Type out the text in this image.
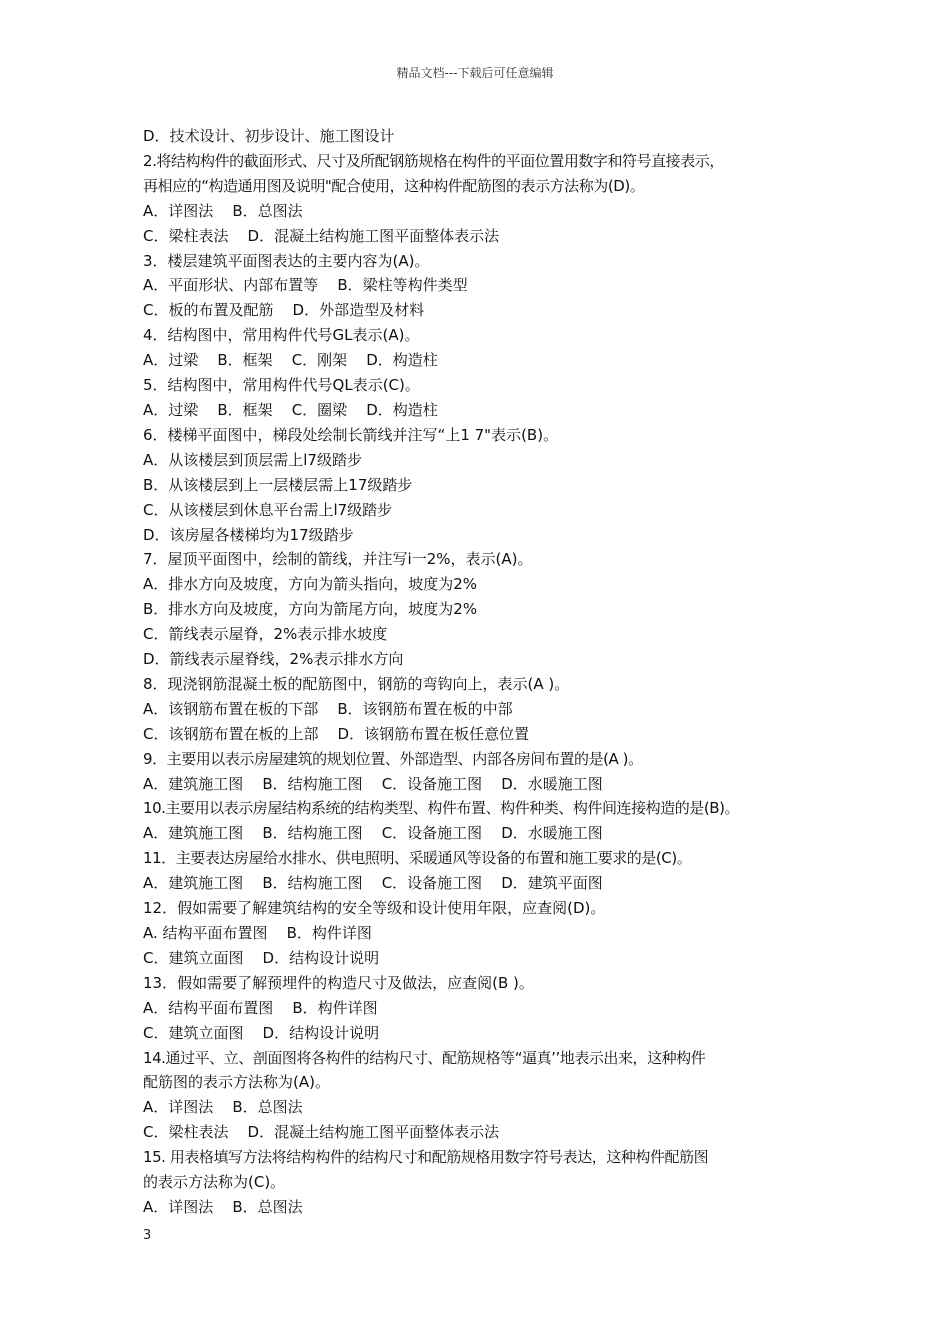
精品文档---下载后可任意编辑
D．技术设计、初步设计、施工图设计
2.将结构构件的截面形式、尺寸及所配钢筋规格在构件的平面位置用数字和符号直接表示，
再相应的“构造通用图及说明"配合使用，这种构件配筋图的表示方法称为(D)。
A．详图法    B．总图法
C．梁柱表法    D．混凝土结构施工图平面整体表示法
3．楼层建筑平面图表达的主要内容为(A)。
A．平面形状、内部布置等    B．梁柱等构件类型
C．板的布置及配筋    D．外部造型及材料
4．结构图中，常用构件代号GL表示(A)。
A．过梁    B．框架    C．刚架    D．构造柱
5．结构图中，常用构件代号QL表示(C)。
A．过梁    B．框架    C．圈梁    D．构造柱
6．楼梯平面图中，梯段处绘制长箭线并注写“上1 7"表示(B)。
A．从该楼层到顶层需上l7级踏步
B．从该楼层到上一层楼层需上17级踏步
C．从该楼层到休息平台需上l7级踏步
D．该房屋各楼梯均为17级踏步
7．屋顶平面图中，绘制的箭线，并注写i一2%，表示(A)。
A．排水方向及坡度，方向为箭头指向，坡度为2%
B．排水方向及坡度，方向为箭尾方向，坡度为2%
C．箭线表示屋脊，2%表示排水坡度
D．箭线表示屋脊线，2%表示排水方向
8．现浇钢筋混凝土板的配筋图中，钢筋的弯钩向上，表示(A )。
A．该钢筋布置在板的下部    B．该钢筋布置在板的中部
C．该钢筋布置在板的上部    D．该钢筋布置在板任意位置
9．主要用以表示房屋建筑的规划位置、外部造型、内部各房间布置的是(A )。
A．建筑施工图    B．结构施工图    C．设备施工图    D．水暖施工图
10.主要用以表示房屋结构系统的结构类型、构件布置、构件种类、构件间连接构造的是(B)。
A．建筑施工图    B．结构施工图    C．设备施工图    D．水暖施工图
11．主要表达房屋给水排水、供电照明、采暖通风等设备的布置和施工要求的是(C)。
A．建筑施工图    B．结构施工图    C．设备施工图    D．建筑平面图
12．假如需要了解建筑结构的安全等级和设计使用年限，应查阅(D)。
A. 结构平面布置图    B．构件详图
C．建筑立面图    D．结构设计说明
13．假如需要了解预埋件的构造尺寸及做法，应查阅(B )。
A．结构平面布置图    B．构件详图
C．建筑立面图    D．结构设计说明
14.通过平、立、剖面图将各构件的结构尺寸、配筋规格等“逼真’’地表示出来，这种构件
配筋图的表示方法称为(A)。
A．详图法    B．总图法
C．梁柱表法    D．混凝土结构施工图平面整体表示法
15. 用表格填写方法将结构构件的结构尺寸和配筋规格用数字符号表达，这种构件配筋图
的表示方法称为(C)。
A．详图法    B．总图法
3
